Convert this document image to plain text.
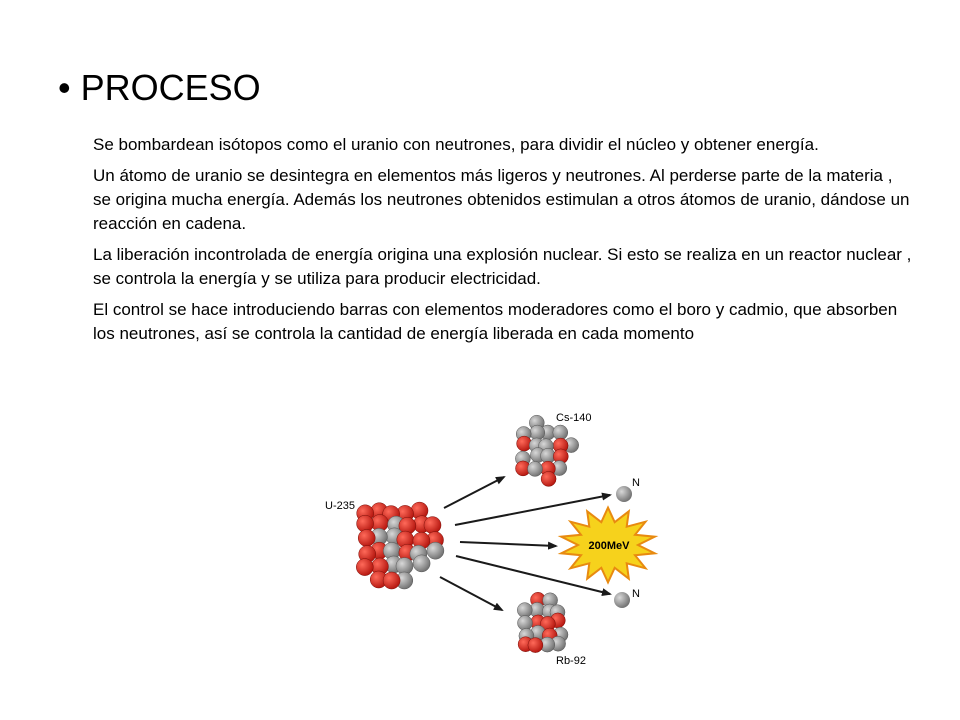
• PROCESO

Se bombardean isótopos como el uranio con neutrones, para dividir el núcleo y obtener energía.

Un átomo de uranio se desintegra en elementos más ligeros y neutrones. Al perderse parte de la materia , se origina mucha energía. Además los neutrones obtenidos estimulan a otros átomos de uranio, dándose un reacción en cadena.

La liberación incontrolada de energía origina una explosión nuclear. Si esto se realiza en un reactor nuclear , se controla la energía y se utiliza para producir electricidad.

El control se hace introduciendo barras con elementos moderadores como el boro y cadmio, que absorben los neutrones, así se controla la cantidad de energía liberada en cada momento

U-235
Cs-140
Rb-92
N
N
200MeV
